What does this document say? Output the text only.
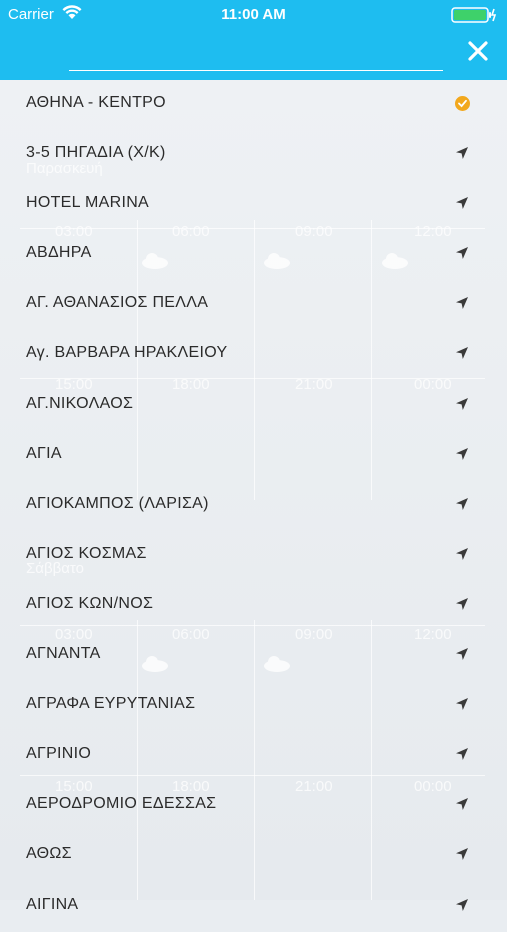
Carrier	11:00 AM
Παρασκευή
Σάββατο
03:00	06:00	09:00	12:00
15:00	18:00	21:00	00:00
03:00	06:00	09:00	12:00
15:00	18:00	21:00	00:00
ΑΘΗΝΑ - ΚΕΝΤΡΟ
3-5 ΠΗΓΑΔΙΑ (Χ/Κ)
HOTEL MARINA
ΑΒΔΗΡΑ
ΑΓ. ΑΘΑΝΑΣΙΟΣ ΠΕΛΛΑ
Αγ. ΒΑΡΒΑΡΑ ΗΡΑΚΛΕΙΟΥ
ΑΓ.ΝΙΚΟΛΑΟΣ
ΑΓΙΑ
ΑΓΙΟΚΑΜΠΟΣ (ΛΑΡΙΣΑ)
ΑΓΙΟΣ ΚΟΣΜΑΣ
ΑΓΙΟΣ ΚΩΝ/ΝΟΣ
ΑΓΝΑΝΤΑ
ΑΓΡΑΦΑ ΕΥΡΥΤΑΝΙΑΣ
ΑΓΡΙΝΙΟ
ΑΕΡΟΔΡΟΜΙΟ ΕΔΕΣΣΑΣ
ΑΘΩΣ
ΑΙΓΙΝΑ
